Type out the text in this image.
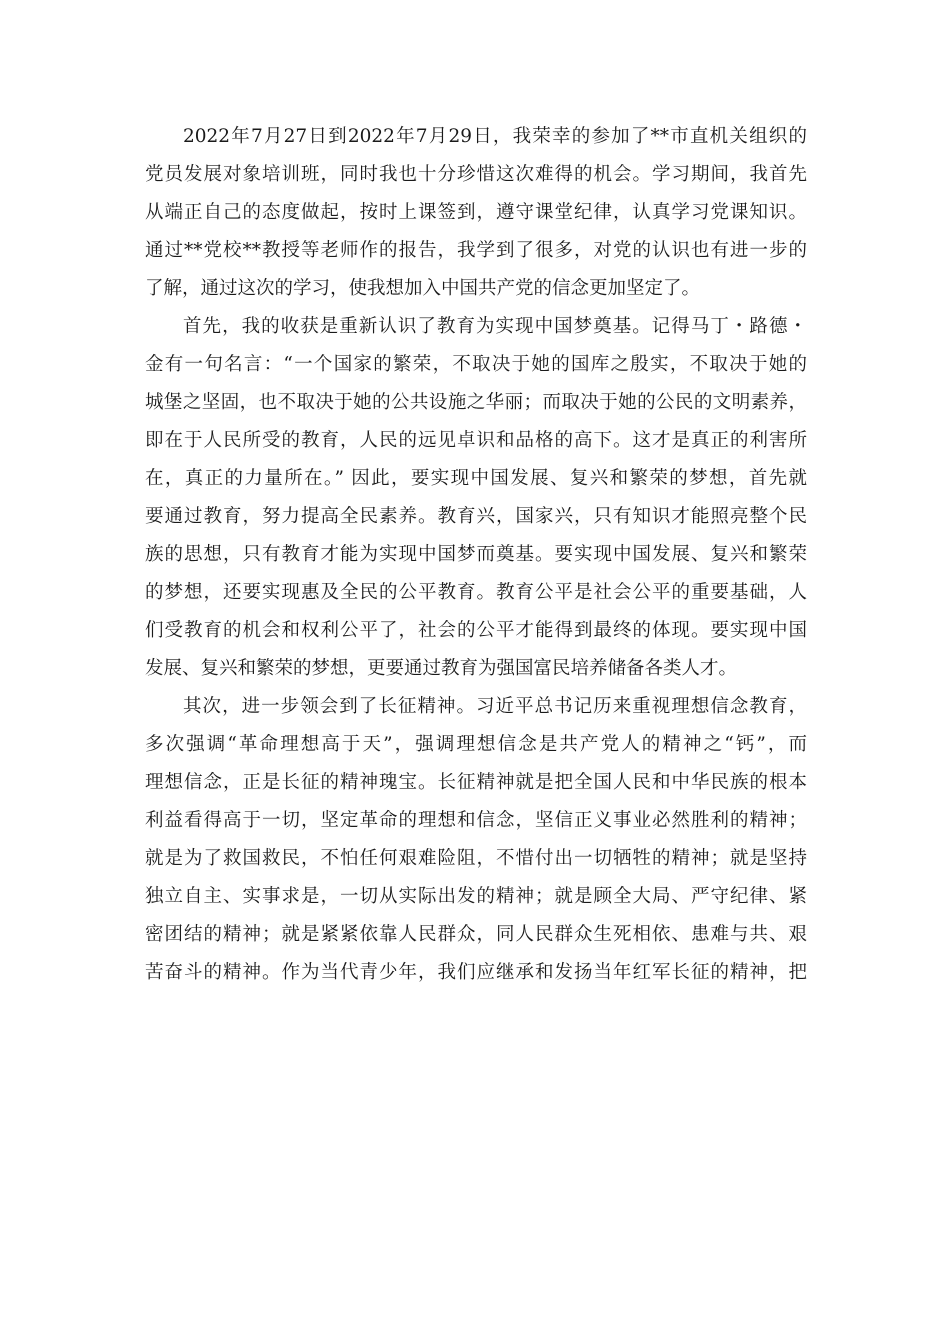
2022年7月27日到2022年7月29日，我荣幸的参加了**市直机关组织的
党员发展对象培训班，同时我也十分珍惜这次难得的机会。学习期间，我首先
从端正自己的态度做起，按时上课签到，遵守课堂纪律，认真学习党课知识。
通过**党校**教授等老师作的报告，我学到了很多，对党的认识也有进一步的
了解，通过这次的学习，使我想加入中国共产党的信念更加坚定了。
首先，我的收获是重新认识了教育为实现中国梦奠基。记得马丁・路德・
金有一句名言：“一个国家的繁荣，不取决于她的国库之殷实，不取决于她的
城堡之坚固，也不取决于她的公共设施之华丽；而取决于她的公民的文明素养，
即在于人民所受的教育，人民的远见卓识和品格的高下。这才是真正的利害所
在，真正的力量所在。” 因此，要实现中国发展、复兴和繁荣的梦想，首先就
要通过教育，努力提高全民素养。教育兴，国家兴，只有知识才能照亮整个民
族的思想，只有教育才能为实现中国梦而奠基。要实现中国发展、复兴和繁荣
的梦想，还要实现惠及全民的公平教育。教育公平是社会公平的重要基础，人
们受教育的机会和权利公平了，社会的公平才能得到最终的体现。要实现中国
发展、复兴和繁荣的梦想，更要通过教育为强国富民培养储备各类人才。
其次，进一步领会到了长征精神。习近平总书记历来重视理想信念教育，
多次强调“革命理想高于天”，强调理想信念是共产党人的精神之“钙”，而
理想信念，正是长征的精神瑰宝。长征精神就是把全国人民和中华民族的根本
利益看得高于一切，坚定革命的理想和信念，坚信正义事业必然胜利的精神；
就是为了救国救民，不怕任何艰难险阻，不惜付出一切牺牲的精神；就是坚持
独立自主、实事求是，一切从实际出发的精神；就是顾全大局、严守纪律、紧
密团结的精神；就是紧紧依靠人民群众，同人民群众生死相依、患难与共、艰
苦奋斗的精神。作为当代青少年，我们应继承和发扬当年红军长征的精神，把
